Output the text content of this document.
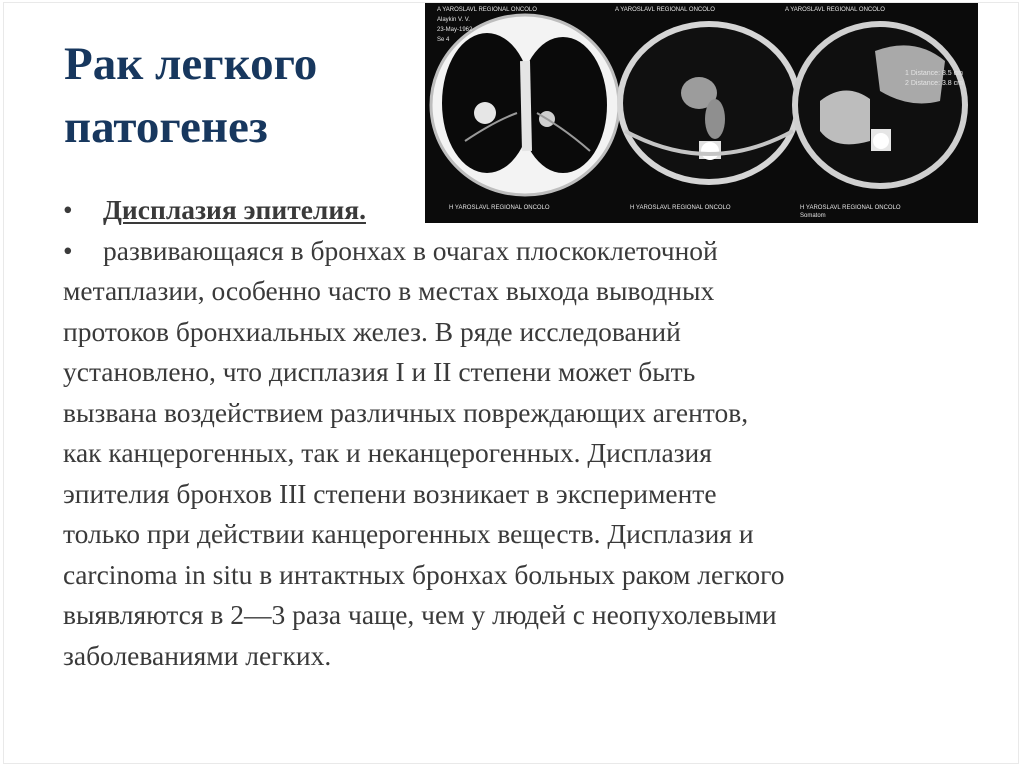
Рак легкого
патогенез
1 Distance: 8.5 cm
2 Distance: 3.8 cm
A YAROSLAVL REGIONAL ONCOLO	A YAROSLAVL REGIONAL ONCOLO	A YAROSLAVL REGIONAL ONCOLO
Alaykin V. V.
23-May-1962
Se 4
H YAROSLAVL REGIONAL ONCOLO	H YAROSLAVL REGIONAL ONCOLO	H YAROSLAVL REGIONAL ONCOLO
Somatom
• Дисплазия эпителия.
• развивающаяся в бронхах в очагах плоскоклеточной
метаплазии, особенно часто в местах выхода выводных
протоков бронхиальных желез. В ряде исследований
установлено, что дисплазия I и II степени может быть
вызвана воздействием различных повреждающих агентов,
как канцерогенных, так и неканцерогенных. Дисплазия
эпителия бронхов III степени возникает в эксперименте
только при действии канцерогенных веществ. Дисплазия и
carcinoma in situ в интактных бронхах больных раком легкого
выявляются в 2—3 раза чаще, чем у людей с неопухолевыми
заболеваниями легких.
